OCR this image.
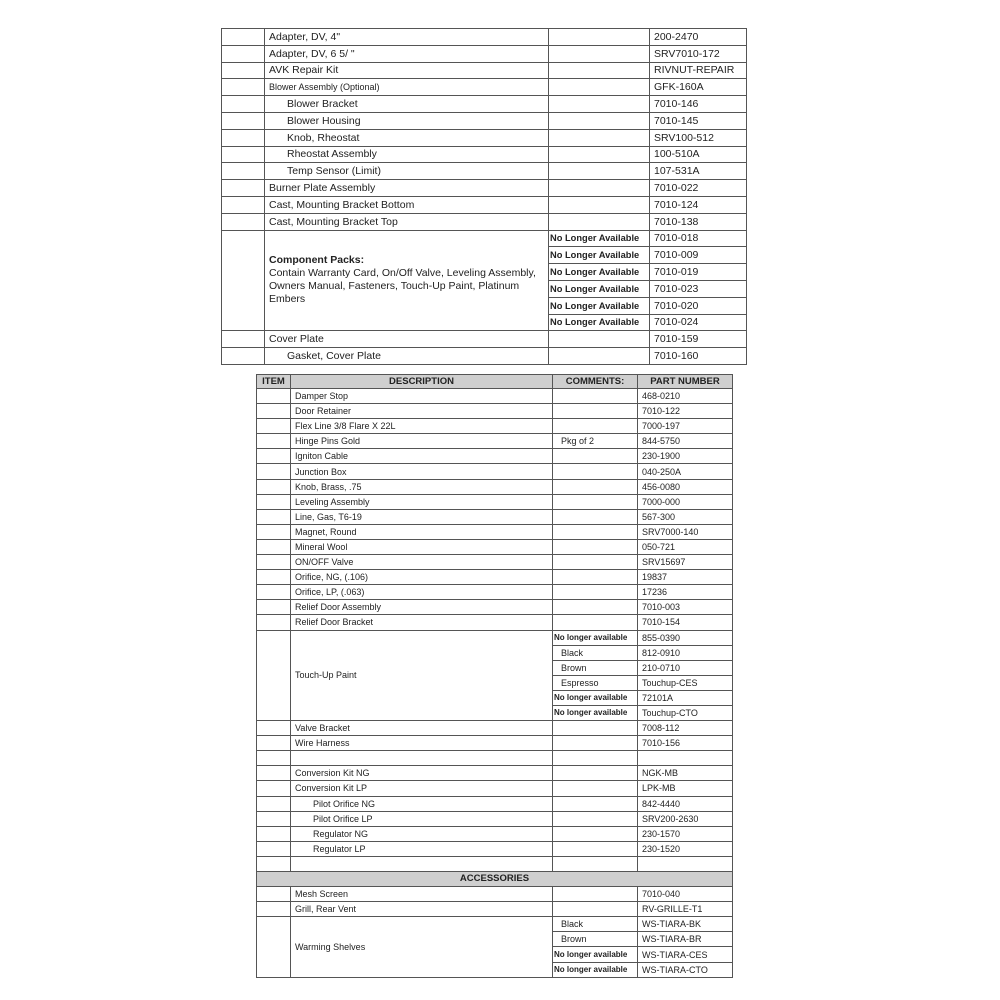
	Adapter, DV, 4"		200-2470
	Adapter, DV, 6 5/ "		SRV7010-172
	AVK Repair Kit		RIVNUT-REPAIR
	Blower Assembly (Optional)		GFK-160A
	Blower Bracket		7010-146
	Blower Housing		7010-145
	Knob, Rheostat		SRV100-512
	Rheostat Assembly		100-510A
	Temp Sensor (Limit)		107-531A
	Burner Plate Assembly		7010-022
	Cast, Mounting Bracket Bottom		7010-124
	Cast, Mounting Bracket Top		7010-138

	Component Packs:
Contain Warranty Card, On/Off Valve, Leveling Assembly, Owners Manual, Fasteners, Touch-Up Paint, Platinum Embers	No Longer Available	7010-018
		No Longer Available	7010-009
		No Longer Available	7010-019
		No Longer Available	7010-023
		No Longer Available	7010-020
		No Longer Available	7010-024
	Cover Plate		7010-159
	Gasket, Cover Plate		7010-160
ITEM	DESCRIPTION	COMMENTS:	PART NUMBER
	Damper Stop		468-0210
	Door Retainer		7010-122
	Flex Line 3/8 Flare X 22L		7000-197
	Hinge Pins Gold	Pkg of 2	844-5750
	Igniton Cable		230-1900
	Junction Box		040-250A
	Knob, Brass, .75		456-0080
	Leveling Assembly		7000-000
	Line, Gas, T6-19		567-300
	Magnet, Round		SRV7000-140
	Mineral Wool		050-721
	ON/OFF Valve		SRV15697
	Orifice, NG, (.106)		19837
	Orifice, LP, (.063)		17236
	Relief Door Assembly		7010-003
	Relief Door Bracket		7010-154
	Touch-Up Paint	No longer available	855-0390
		Black	812-0910
		Brown	210-0710
		Espresso	Touchup-CES
		No longer available	72101A
		No longer available	Touchup-CTO
	Valve Bracket		7008-112
	Wire Harness		7010-156

	Conversion Kit NG		NGK-MB
	Conversion Kit LP		LPK-MB
	Pilot Orifice NG		842-4440
	Pilot Orifice LP		SRV200-2630
	Regulator NG		230-1570
	Regulator LP		230-1520

ACCESSORIES			
	Mesh Screen		7010-040
	Grill, Rear Vent		RV-GRILLE-T1
	Warming Shelves	Black	WS-TIARA-BK
		Brown	WS-TIARA-BR
		No longer available	WS-TIARA-CES
		No longer available	WS-TIARA-CTO
